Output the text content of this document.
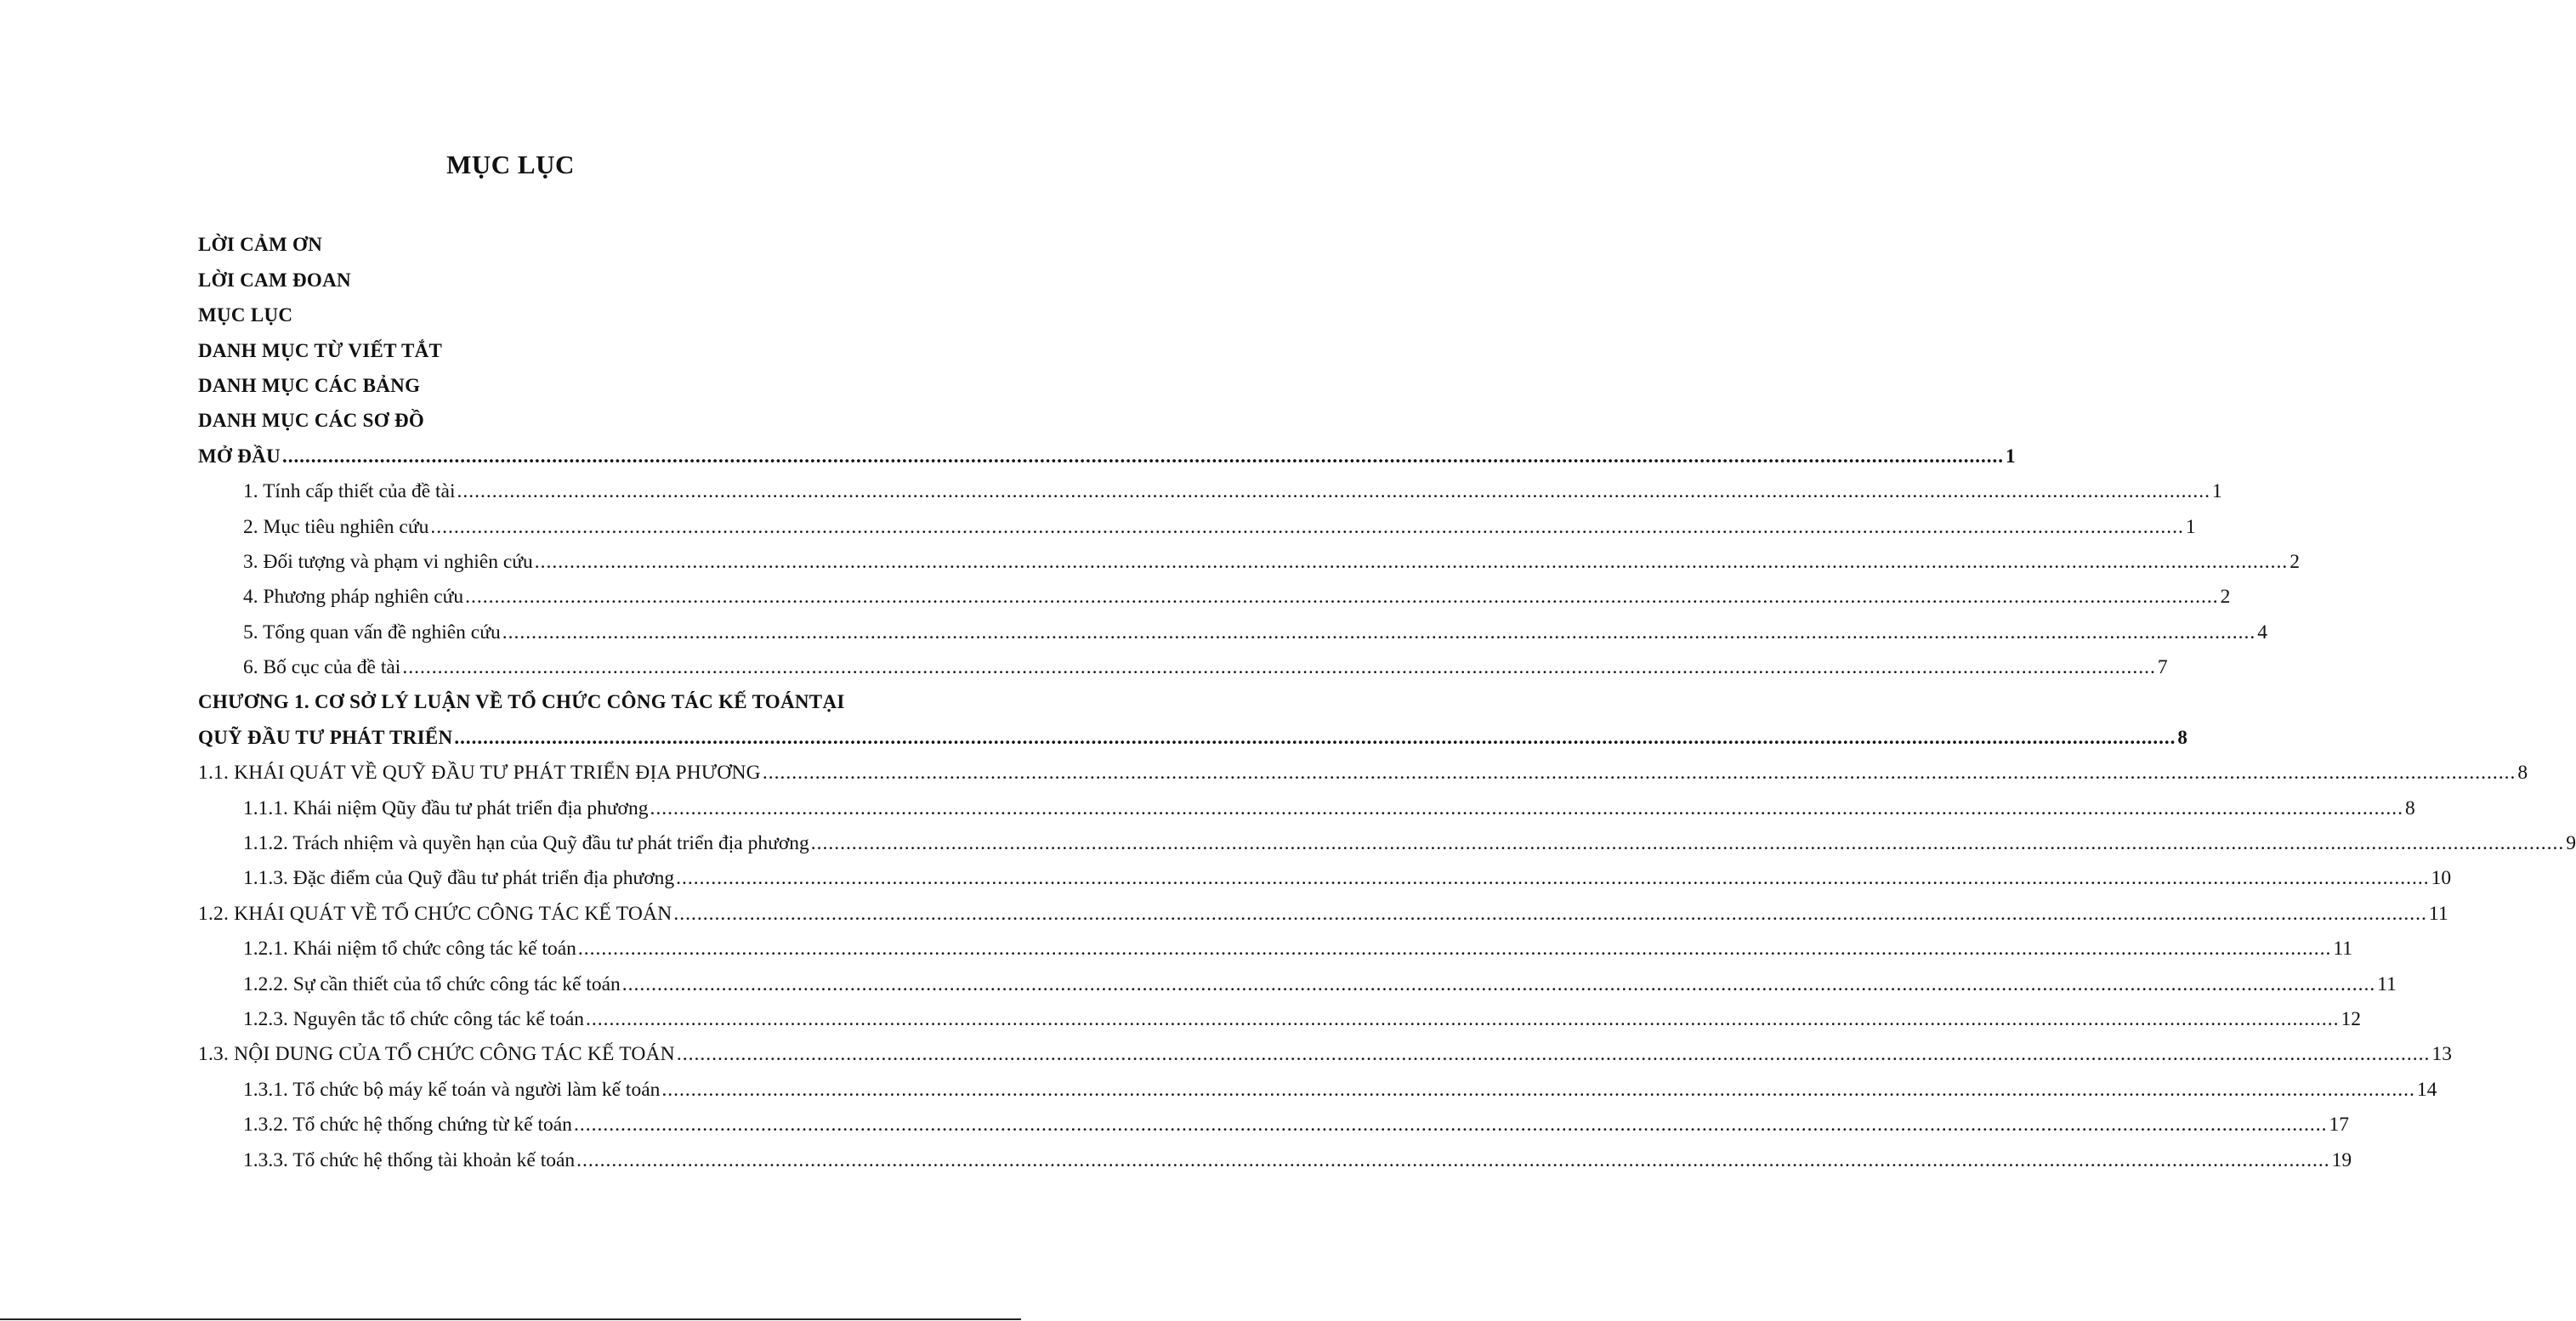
MỤC LỤC
LỜI CẢM ƠN
LỜI CAM ĐOAN
MỤC LỤC
DANH MỤC TỪ VIẾT TẮT
DANH MỤC CÁC BẢNG
DANH MỤC CÁC SƠ ĐỒ
MỞ ĐẦU ............................................................................................................................................................................................................................................................................................................ 1
1. Tính cấp thiết của đề tài ............................................................................................................................................................................................................................................................................................................ 1
2. Mục tiêu nghiên cứu ............................................................................................................................................................................................................................................................................................................ 1
3. Đối tượng và phạm vi nghiên cứu ............................................................................................................................................................................................................................................................................................................ 2
4. Phương pháp nghiên cứu ............................................................................................................................................................................................................................................................................................................ 2
5. Tổng quan vấn đề nghiên cứu ............................................................................................................................................................................................................................................................................................................ 4
6. Bố cục của đề tài ............................................................................................................................................................................................................................................................................................................ 7
CHƯƠNG 1. CƠ SỞ LÝ LUẬN VỀ TỔ CHỨC CÔNG TÁC KẾ TOÁNTẠI
QUỸ ĐẦU TƯ PHÁT TRIỂN ............................................................................................................................................................................................................................................................................................................ 8
1.1. KHÁI QUÁT VỀ QUỸ ĐẦU TƯ PHÁT TRIỂN ĐỊA PHƯƠNG ............................................................................................................................................................................................................................................................................................................ 8
1.1.1. Khái niệm Qũy đầu tư phát triển địa phương ............................................................................................................................................................................................................................................................................................................ 8
1.1.2. Trách nhiệm và quyền hạn của Quỹ đầu tư phát triển địa phương ............................................................................................................................................................................................................................................................................................................ 9
1.1.3. Đặc điểm của Quỹ đầu tư phát triển địa phương ............................................................................................................................................................................................................................................................................................................ 10
1.2. KHÁI QUÁT VỀ TỔ CHỨC CÔNG TÁC KẾ TOÁN ............................................................................................................................................................................................................................................................................................................ 11
1.2.1. Khái niệm tổ chức công tác kế toán ............................................................................................................................................................................................................................................................................................................ 11
1.2.2. Sự cần thiết của tổ chức công tác kế toán ............................................................................................................................................................................................................................................................................................................ 11
1.2.3. Nguyên tắc tổ chức công tác kế toán ............................................................................................................................................................................................................................................................................................................ 12
1.3. NỘI DUNG CỦA TỔ CHỨC CÔNG TÁC KẾ TOÁN ............................................................................................................................................................................................................................................................................................................ 13
1.3.1. Tổ chức bộ máy kế toán và người làm kế toán ............................................................................................................................................................................................................................................................................................................ 14
1.3.2. Tổ chức hệ thống chứng từ kế toán ............................................................................................................................................................................................................................................................................................................ 17
1.3.3. Tổ chức hệ thống tài khoản kế toán ............................................................................................................................................................................................................................................................................................................ 19
